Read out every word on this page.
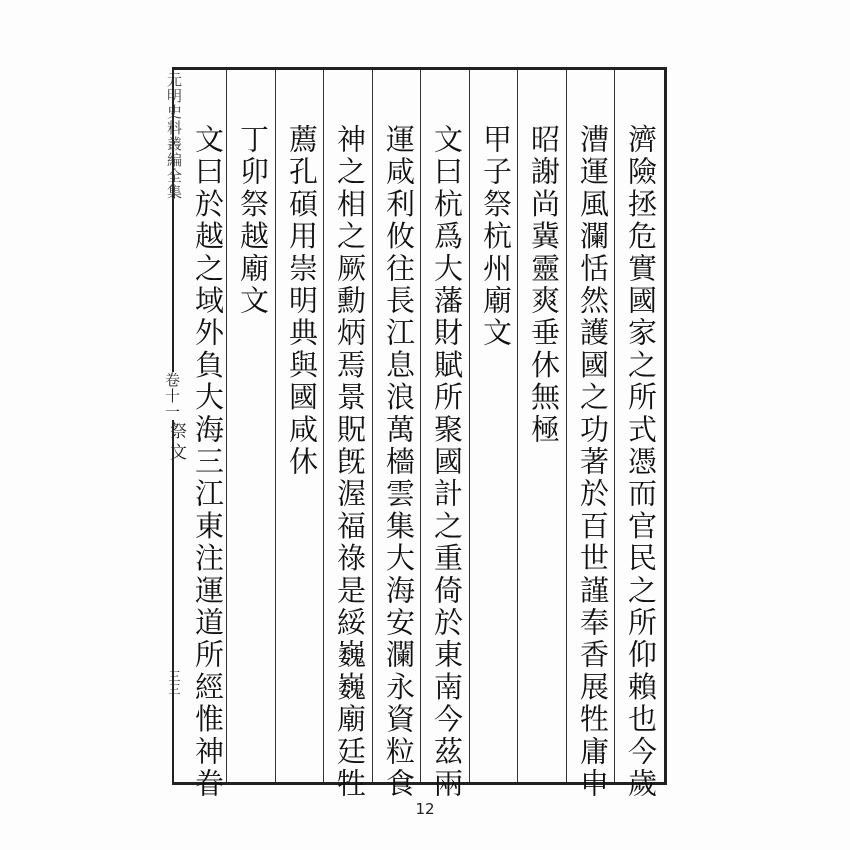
元明史料叢編全集
卷十一
祭文
三三	濟險拯危實國家之所式憑而官民之所仰賴也今歲
漕運風瀾恬然護國之功著於百世謹奉香展牲庸申
昭謝尚冀靈爽垂休無極
甲子祭杭州廟文
文曰杭爲大藩財賦所聚國計之重倚於東南今茲兩
運咸利攸往長江息浪萬檣雲集大海安瀾永資粒食
神之相之厥勳炳焉景貺旣渥福祿是綏巍巍廟廷牲
薦孔碩用崇明典與國咸休
丁卯祭越廟文
文曰於越之域外負大海三江東注運道所經惟神眷
12
